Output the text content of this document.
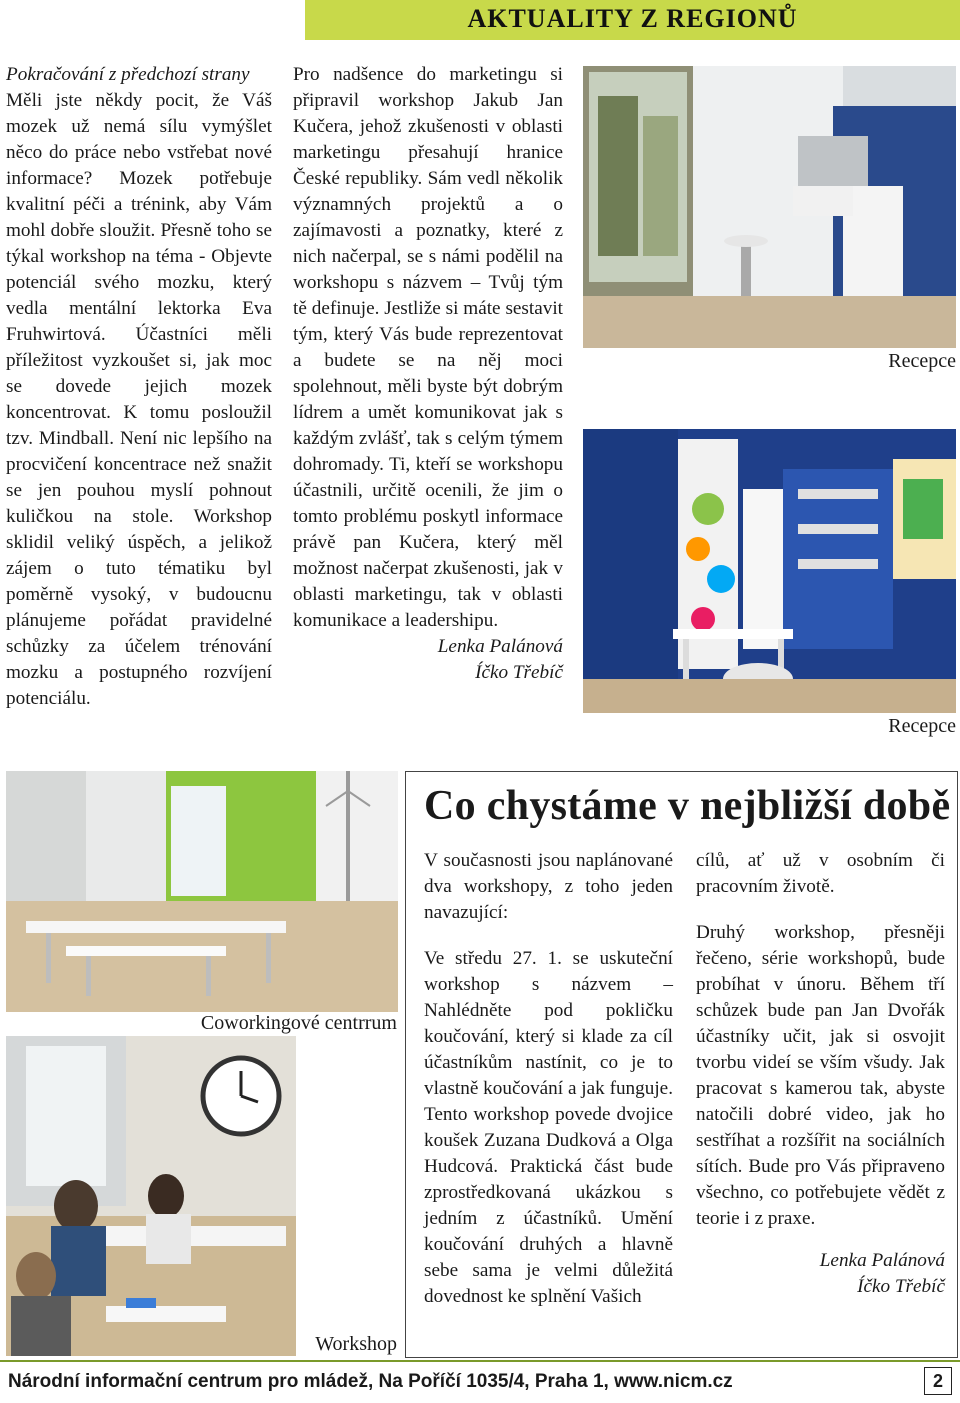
AKTUALITY Z REGIONŮ

Pokračování z předchozí strany

Měli jste někdy pocit, že Váš mozek už nemá sílu vymýšlet něco do práce nebo vstřebat nové informace? Mozek potřebuje kvalitní péči a trénink, aby Vám mohl dobře sloužit. Přesně toho se týkal workshop na téma - Objevte potenciál svého mozku, který vedla mentální lektorka Eva Fruhwirtová. Účastníci měli příležitost vyzkoušet si, jak moc se dovede jejich mozek koncentrovat. K tomu posloužil tzv. Mindball. Není nic lepšího na procvičení koncentrace než snažit se jen pouhou myslí pohnout kuličkou na stole. Workshop sklidil veliký úspěch, a jelikož zájem o tuto tématiku byl poměrně vysoký, v budoucnu plánujeme pořádat pravidelné schůzky za účelem trénování mozku a postupného rozvíjení potenciálu.

Pro nadšence do marketingu si připravil workshop Jakub Jan Kučera, jehož zkušenosti v oblasti marketingu přesahují hranice České republiky. Sám vedl několik významných projektů a o zajímavosti a poznatky, které z nich načerpal, se s námi podělil na workshopu s názvem – Tvůj tým tě definuje. Jestliže si máte sestavit tým, který Vás bude reprezentovat a budete se na něj moci spolehnout, měli byste být dobrým lídrem a umět komunikovat jak s každým zvlášť, tak s celým týmem dohromady. Ti, kteří se workshopu účastnili, určitě ocenili, že jim o tomto problému poskytl informace právě pan Kučera, který měl možnost načerpat zkušenosti, jak v oblasti marketingu, tak v oblasti komunikace a leadershipu.

Lenka Palánová

Íčko Třebíč

Recepce
Recepce
Coworkingové centrrum
Workshop
Co chystáme v nejbližší době

V současnosti jsou naplánované dva workshopy, z toho jeden navazující:

Ve středu 27. 1. se uskuteční workshop s názvem – Nahlédněte pod pokličku koučování, který si klade za cíl účastníkům nastínit, co je to vlastně koučování a jak funguje. Tento workshop povede dvojice koušek Zuzana Dudková a Olga Hudcová. Praktická část bude zprostředkovaná ukázkou s jedním z účastníků. Umění koučování druhých a hlavně sebe sama je velmi důležitá dovednost ke splnění Vašich

cílů, ať už v osobním či pracovním životě.

Druhý workshop, přesněji řečeno, série workshopů, bude probíhat v únoru. Během tří schůzek bude pan Jan Dvořák účastníky učit, jak si osvojit tvorbu videí se vším všudy. Jak pracovat s kamerou tak, abyste natočili dobré video, jak ho sestříhat a rozšířit na sociálních sítích. Bude pro Vás připraveno všechno, co potřebujete vědět z teorie i z praxe.

Lenka Palánová

Íčko Třebíč

Národní informační centrum pro mládež, Na Poříčí 1035/4, Praha 1, www.nicm.cz	2
